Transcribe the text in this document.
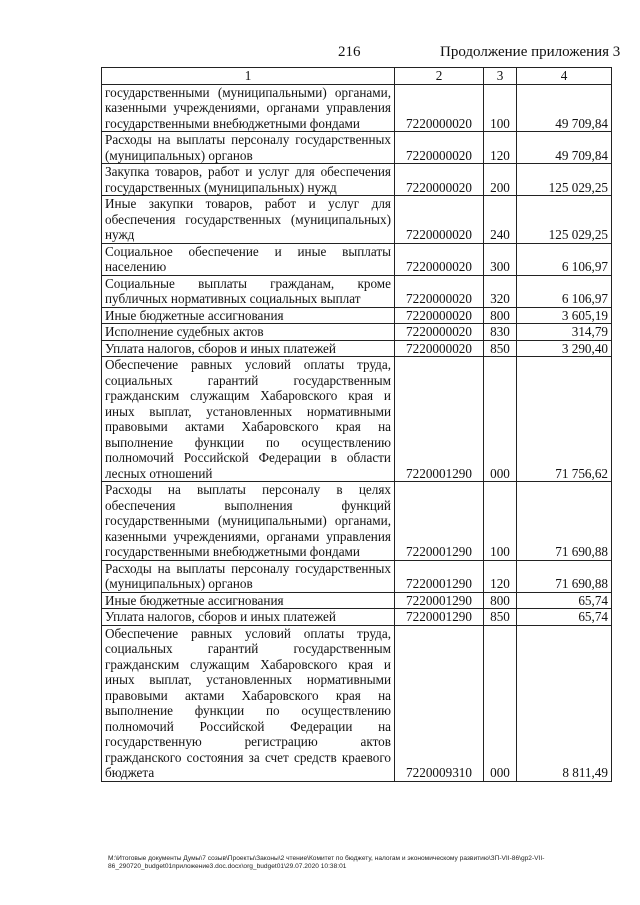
216	Продолжение приложения 3
1	2	3	4
государственными (муниципальными) органами, казенными учреждениями, органами управления государственными внебюджетными фондами	7220000020	100	49 709,84
Расходы на выплаты персоналу государственных (муниципальных) органов	7220000020	120	49 709,84
Закупка товаров, работ и услуг для обеспечения государственных (муниципальных) нужд	7220000020	200	125 029,25
Иные закупки товаров, работ и услуг для обеспечения государственных (муниципальных) нужд	7220000020	240	125 029,25
Социальное обеспечение и иные выплаты населению	7220000020	300	6 106,97
Социальные выплаты гражданам, кроме публичных нормативных социальных выплат	7220000020	320	6 106,97
Иные бюджетные ассигнования	7220000020	800	3 605,19
Исполнение судебных актов	7220000020	830	314,79
Уплата налогов, сборов и иных платежей	7220000020	850	3 290,40
Обеспечение равных условий оплаты труда, социальных гарантий государственным гражданским служащим Хабаровского края и иных выплат, установленных нормативными правовыми актами Хабаровского края на выполнение функции по осуществлению полномочий Российской Федерации в области лесных отношений	7220001290	000	71 756,62
Расходы на выплаты персоналу в целях обеспечения выполнения функций государственными (муниципальными) органами, казенными учреждениями, органами управления государственными внебюджетными фондами	7220001290	100	71 690,88
Расходы на выплаты персоналу государственных (муниципальных) органов	7220001290	120	71 690,88
Иные бюджетные ассигнования	7220001290	800	65,74
Уплата налогов, сборов и иных платежей	7220001290	850	65,74
Обеспечение равных условий оплаты труда, социальных гарантий государственным гражданским служащим Хабаровского края и иных выплат, установленных нормативными правовыми актами Хабаровского края на выполнение функции по осуществлению полномочий Российской Федерации на государственную регистрацию актов гражданского состояния за счет средств краевого бюджета	7220009310	000	8 811,49
M:\Итоговые документы Думы\7 созыв\Проекты\Законы\2 чтение\Комитет по бюджету, налогам и экономическому развитию\ЗП-VII-86\gp2-VII-86_290720_budget01приложение3.doc.docx\org_budget01\29.07.2020 10:38:01
